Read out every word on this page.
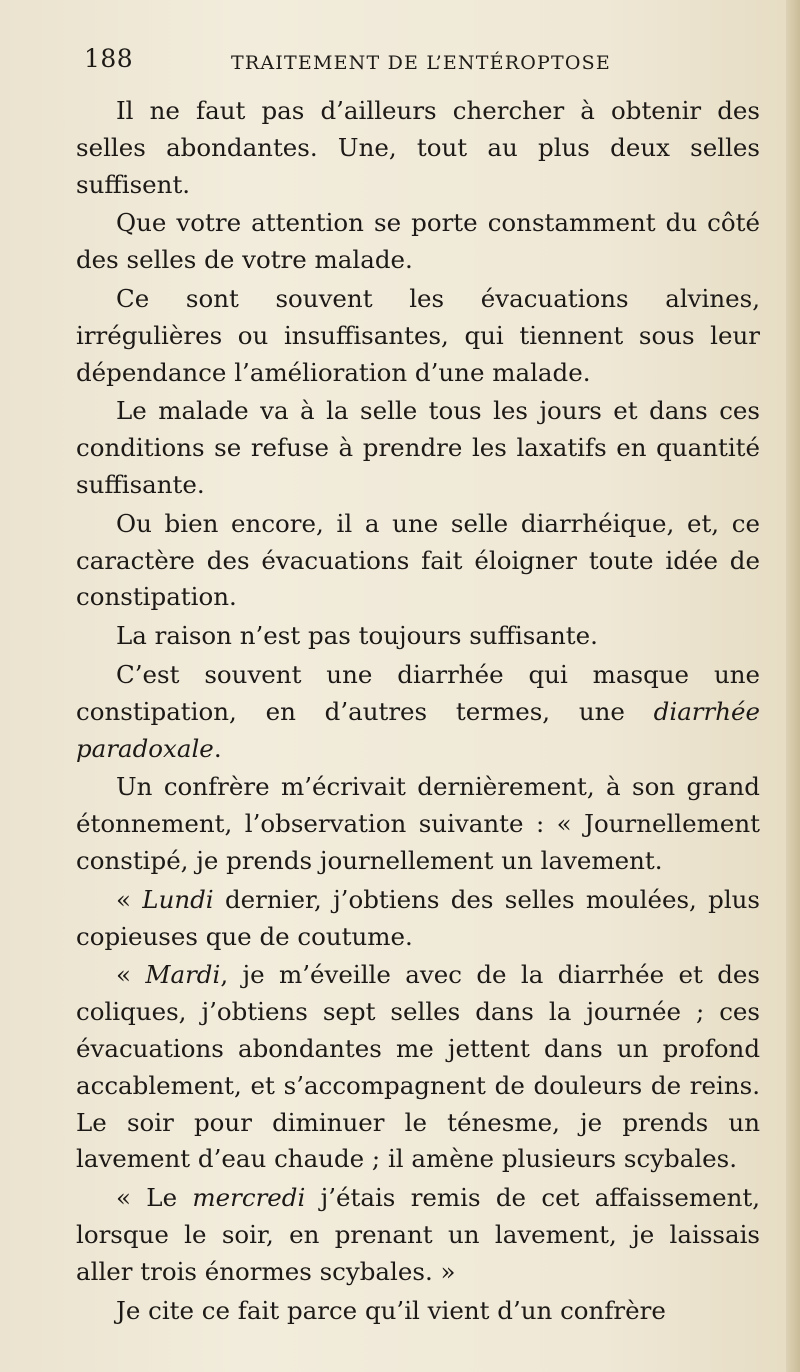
188	TRAITEMENT DE L’ENTÉROPTOSE

Il ne faut pas d’ailleurs chercher à obtenir des selles abondantes. Une, tout au plus deux selles suffisent.

Que votre attention se porte constamment du côté des selles de votre malade.

Ce sont souvent les évacuations alvines, irrégulières ou insuffisantes, qui tiennent sous leur dépendance l’amélioration d’une malade.

Le malade va à la selle tous les jours et dans ces conditions se refuse à prendre les laxatifs en quantité suffisante.

Ou bien encore, il a une selle diarrhéique, et, ce caractère des évacuations fait éloigner toute idée de constipation.

La raison n’est pas toujours suffisante.

C’est souvent une diarrhée qui masque une constipation, en d’autres termes, une diarrhée paradoxale.

Un confrère m’écrivait dernièrement, à son grand étonnement, l’observation suivante : « Journellement constipé, je prends journellement un lavement.

« Lundi dernier, j’obtiens des selles moulées, plus copieuses que de coutume.

« Mardi, je m’éveille avec de la diarrhée et des coliques, j’obtiens sept selles dans la journée ; ces évacuations abondantes me jettent dans un profond accablement, et s’accompagnent de douleurs de reins. Le soir pour diminuer le ténesme, je prends un lavement d’eau chaude ; il amène plusieurs scybales.

« Le mercredi j’étais remis de cet affaissement, lorsque le soir, en prenant un lavement, je laissais aller trois énormes scybales. »

Je cite ce fait parce qu’il vient d’un confrère
